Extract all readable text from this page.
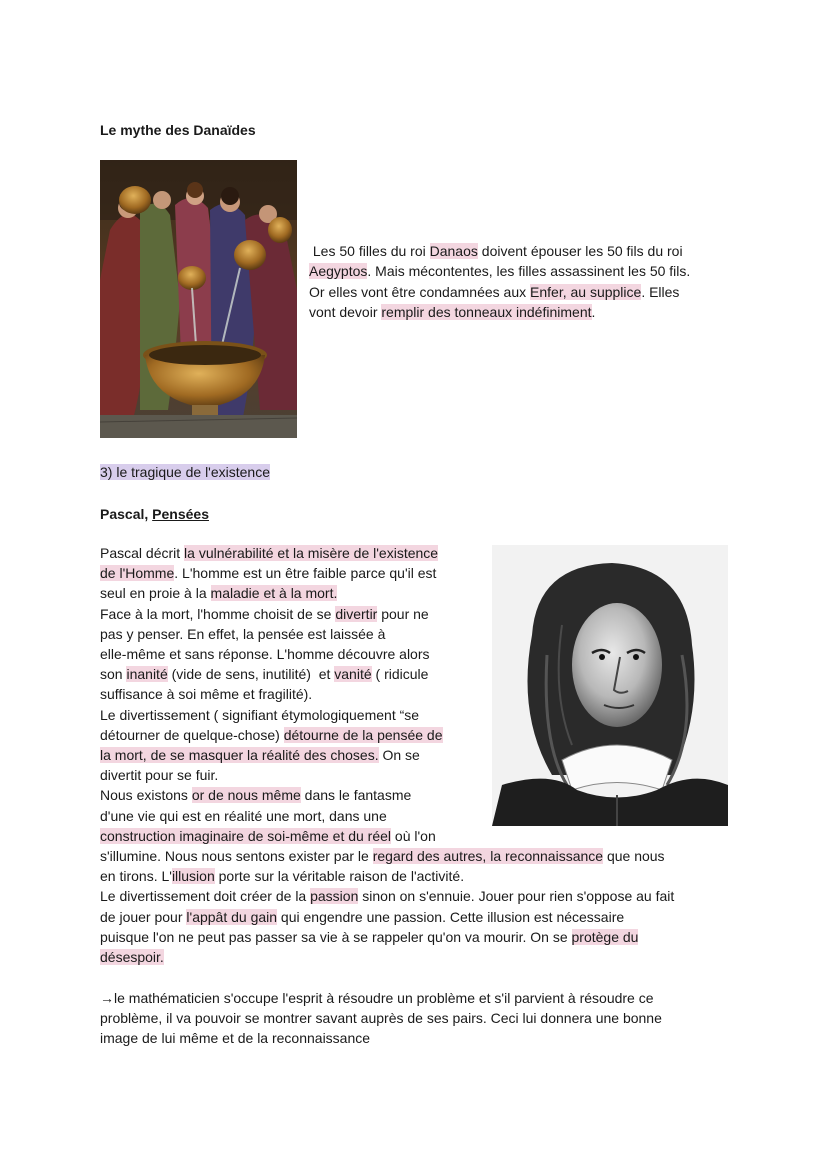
Le mythe des Danaïdes

Les 50 filles du roi Danaos doivent épouser les 50 fils du roi
Aegyptos. Mais mécontentes, les filles assassinent les 50 fils.
Or elles vont être condamnées aux Enfer, au supplice. Elles
vont devoir remplir des tonneaux indéfiniment.

3) le tragique de l'existence

Pascal, Pensées

Pascal décrit la vulnérabilité et la misère de l'existence
de l'Homme. L'homme est un être faible parce qu'il est
seul en proie à la maladie et à la mort.
Face à la mort, l'homme choisit de se divertir pour ne
pas y penser. En effet, la pensée est laissée à
elle-même et sans réponse. L'homme découvre alors
son inanité (vide de sens, inutilité)  et vanité ( ridicule
suffisance à soi même et fragilité).
Le divertissement ( signifiant étymologiquement “se
détourner de quelque-chose) détourne de la pensée de
la mort, de se masquer la réalité des choses. On se
divertit pour se fuir.
Nous existons or de nous même dans le fantasme
d'une vie qui est en réalité une mort, dans une
construction imaginaire de soi-même et du réel où l'on
s'illumine. Nous nous sentons exister par le regard des autres, la reconnaissance que nous
en tirons. L'illusion porte sur la véritable raison de l'activité.
Le divertissement doit créer de la passion sinon on s'ennuie. Jouer pour rien s'oppose au fait
de jouer pour l'appât du gain qui engendre une passion. Cette illusion est nécessaire
puisque l'on ne peut pas passer sa vie à se rappeler qu'on va mourir. On se protège du
désespoir.
→le mathématicien s'occupe l'esprit à résoudre un problème et s'il parvient à résoudre ce
problème, il va pouvoir se montrer savant auprès de ses pairs. Ceci lui donnera une bonne
image de lui même et de la reconnaissance
